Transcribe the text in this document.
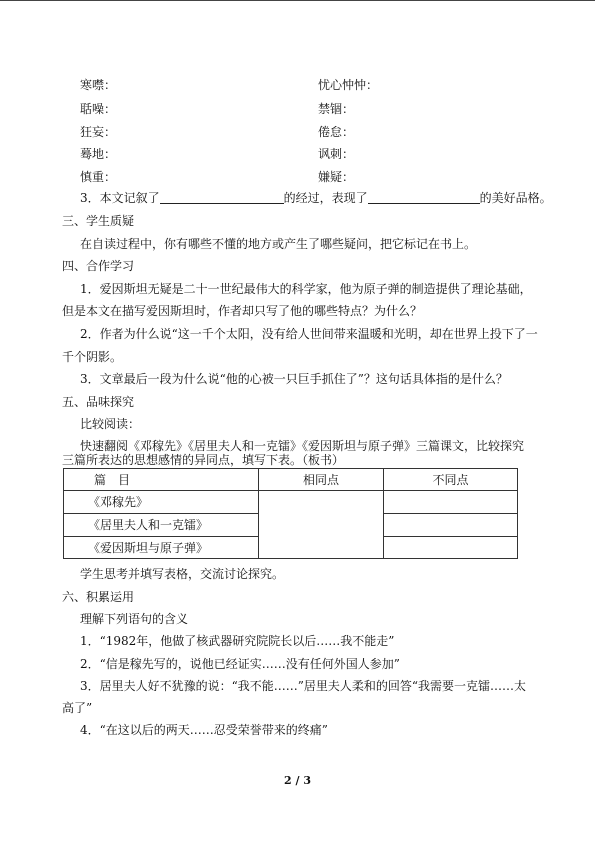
寒噤：	忧心忡忡：
聒噪：	禁锢：
狂妄：	倦怠：
蓦地：	讽刺：
慎重：	嫌疑：
3．本文记叙了	的经过，表现了	的美好品格。
三、学生质疑
在自读过程中，你有哪些不懂的地方或产生了哪些疑问，把它标记在书上。
四、合作学习
1．爱因斯坦无疑是二十一世纪最伟大的科学家，他为原子弹的制造提供了理论基础，
但是本文在描写爱因斯坦时，作者却只写了他的哪些特点？为什么？
2．作者为什么说“这一千个太阳，没有给人世间带来温暖和光明，却在世界上投下了一
千个阴影。
3．文章最后一段为什么说“他的心被一只巨手抓住了”？这句话具体指的是什么？
五、品味探究
比较阅读：
快速翻阅《邓稼先》《居里夫人和一克镭》《爱因斯坦与原子弹》三篇课文，比较探究
三篇所表达的思想感情的异同点，填写下表。（板书）
篇　目	相同点	不同点
《邓稼先》		
《居里夫人和一克镭》		
《爱因斯坦与原子弹》		
学生思考并填写表格，交流讨论探究。
六、积累运用
理解下列语句的含义
1．“1982年，他做了核武器研究院院长以后……我不能走”
2．“信是稼先写的，说他已经证实……没有任何外国人参加”
3．居里夫人好不犹豫的说：“我不能……”居里夫人柔和的回答“我需要一克镭……太
高了”
4．“在这以后的两天……忍受荣誉带来的终痛”
2 / 3
